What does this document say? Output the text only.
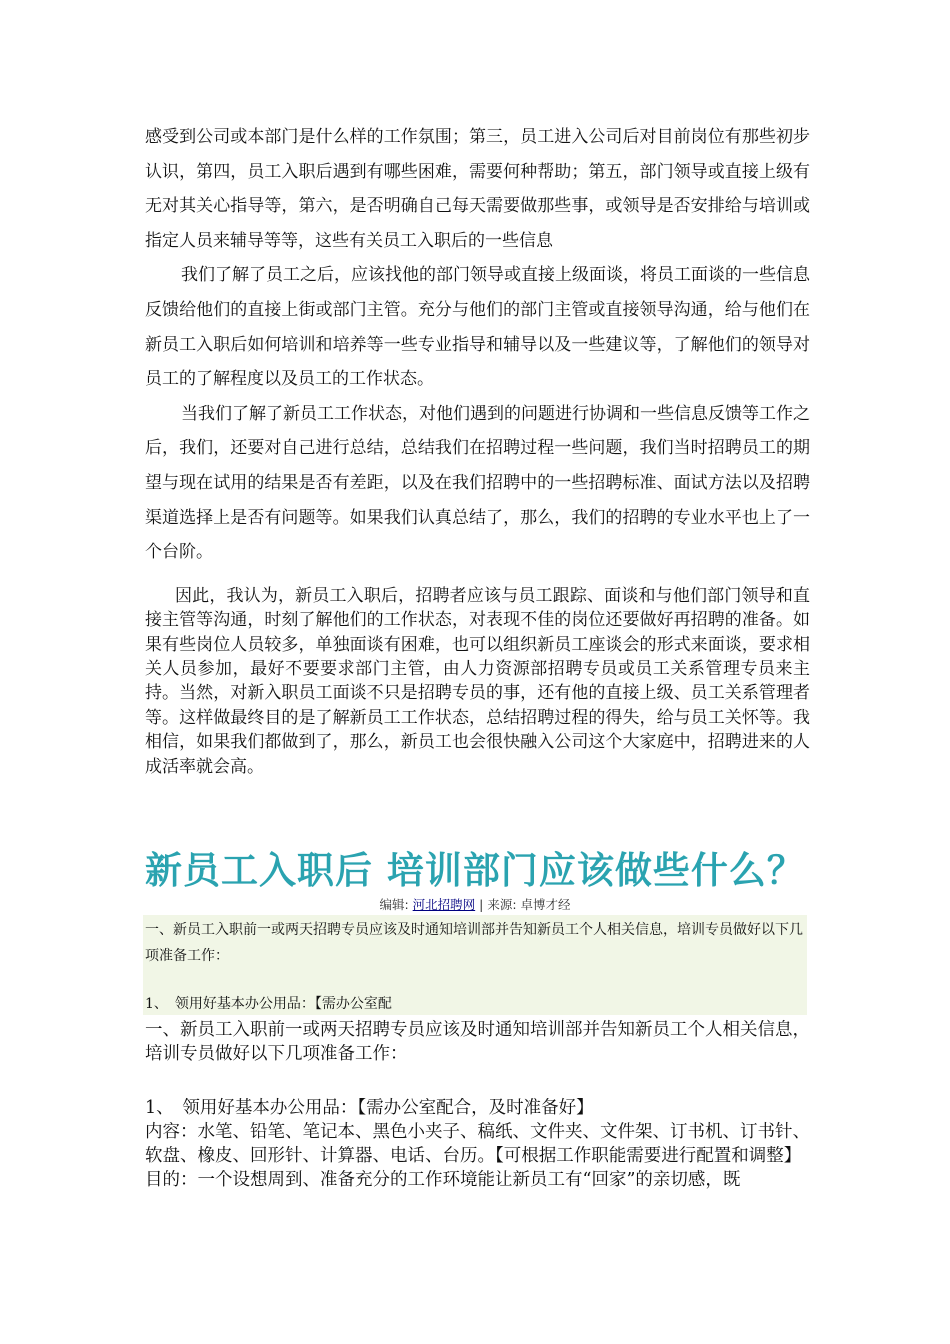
感受到公司或本部门是什么样的工作氛围；第三，员工进入公司后对目前岗位有那些初步认识，第四，员工入职后遇到有哪些困难，需要何种帮助；第五，部门领导或直接上级有无对其关心指导等，第六，是否明确自己每天需要做那些事，或领导是否安排给与培训或指定人员来辅导等等，这些有关员工入职后的一些信息

我们了解了员工之后，应该找他的部门领导或直接上级面谈，将员工面谈的一些信息反馈给他们的直接上街或部门主管。充分与他们的部门主管或直接领导沟通，给与他们在新员工入职后如何培训和培养等一些专业指导和辅导以及一些建议等，了解他们的领导对员工的了解程度以及员工的工作状态。

当我们了解了新员工工作状态，对他们遇到的问题进行协调和一些信息反馈等工作之后，我们，还要对自己进行总结，总结我们在招聘过程一些问题，我们当时招聘员工的期望与现在试用的结果是否有差距，以及在我们招聘中的一些招聘标准、面试方法以及招聘渠道选择上是否有问题等。如果我们认真总结了，那么，我们的招聘的专业水平也上了一个台阶。

因此，我认为，新员工入职后，招聘者应该与员工跟踪、面谈和与他们部门领导和直接主管等沟通，时刻了解他们的工作状态，对表现不佳的岗位还要做好再招聘的准备。如果有些岗位人员较多，单独面谈有困难，也可以组织新员工座谈会的形式来面谈，要求相关人员参加，最好不要要求部门主管，由人力资源部招聘专员或员工关系管理专员来主持。当然，对新入职员工面谈不只是招聘专员的事，还有他的直接上级、员工关系管理者等。这样做最终目的是了解新员工工作状态，总结招聘过程的得失，给与员工关怀等。我相信，如果我们都做到了，那么，新员工也会很快融入公司这个大家庭中，招聘进来的人成活率就会高。

新员工入职后 培训部门应该做些什么？
编辑: 河北招聘网 | 来源: 卓博才经

一、新员工入职前一或两天招聘专员应该及时通知培训部并告知新员工个人相关信息，培训专员做好以下几项准备工作：

1、　领用好基本办公用品：【需办公室配

一、新员工入职前一或两天招聘专员应该及时通知培训部并告知新员工个人相关信息，培训专员做好以下几项准备工作：

1、　领用好基本办公用品：【需办公室配合，及时准备好】

内容：水笔、铅笔、笔记本、黑色小夹子、稿纸、文件夹、文件架、订书机、订书针、软盘、橡皮、回形针、计算器、电话、台历。【可根据工作职能需要进行配置和调整】

目的：一个设想周到、准备充分的工作环境能让新员工有“回家”的亲切感，既
